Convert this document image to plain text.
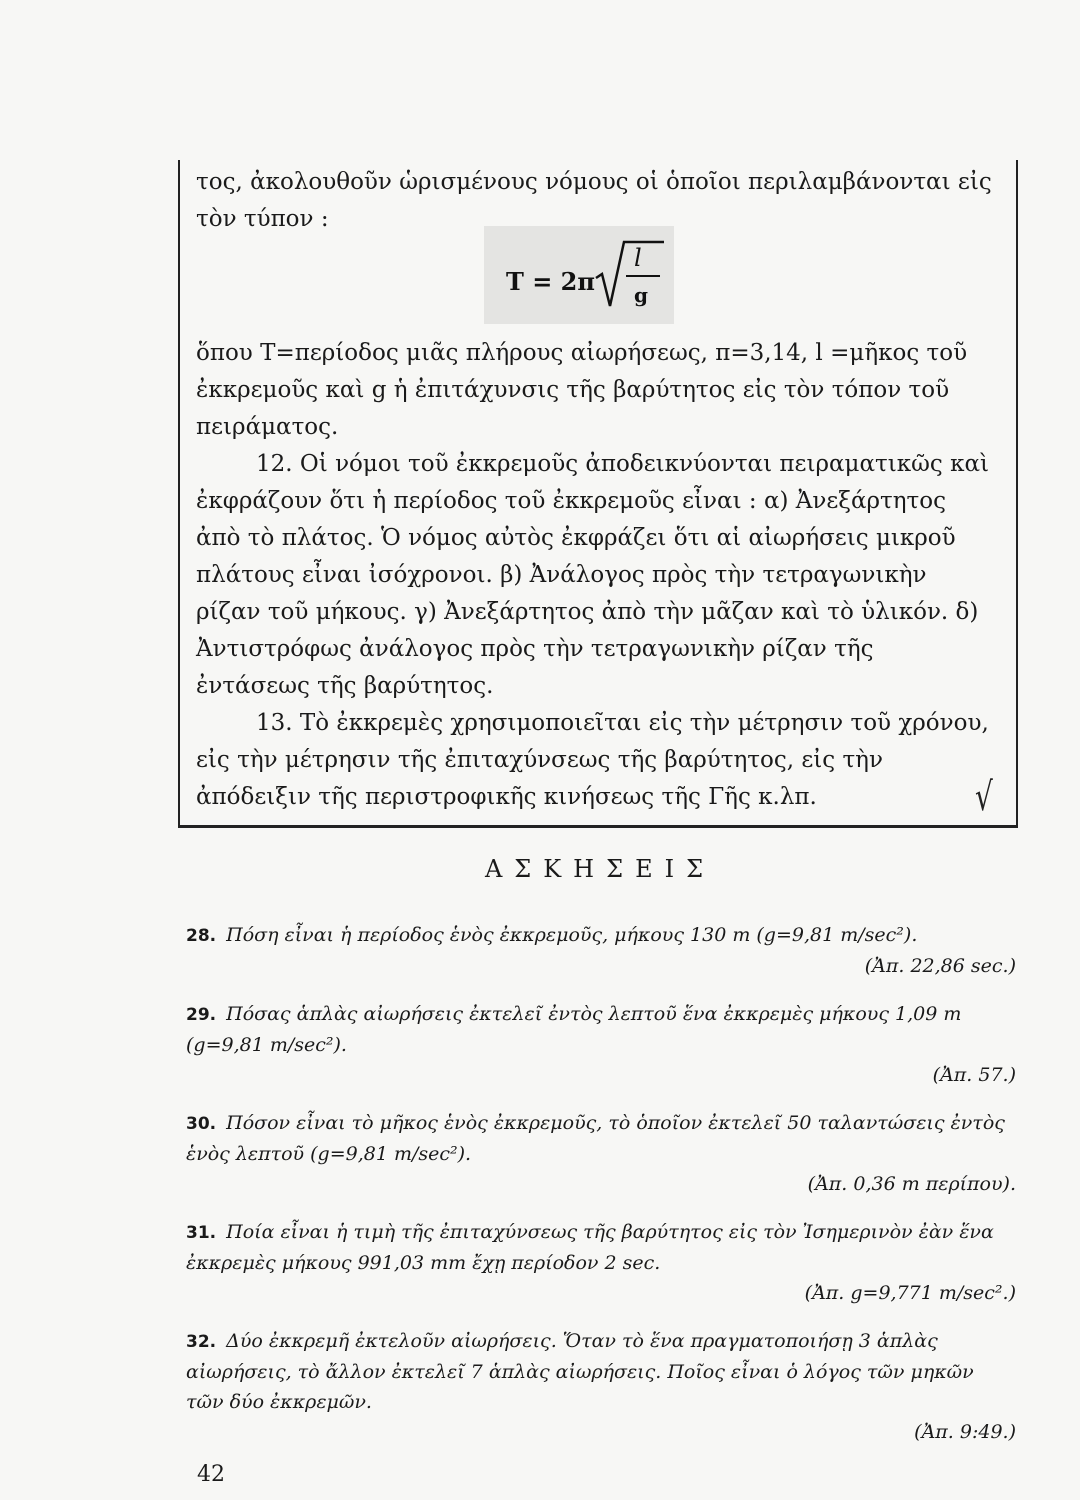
τος, ἀκολουθοῦν ὡρισμένους νόμους οἱ ὁποῖοι περιλαμβάνονται εἰς τὸν τύπον :
T = 2π
l
g
ὅπου T=περίοδος μιᾶς πλήρους αἰωρήσεως, π=3,14, l =μῆκος τοῦ ἐκκρεμοῦς καὶ g ἡ ἐπιτάχυνσις τῆς βαρύτητος εἰς τὸν τόπον τοῦ πειράματος.
12. Οἱ νόμοι τοῦ ἐκκρεμοῦς ἀποδεικνύονται πειραματικῶς καὶ ἐκφράζουν ὅτι ἡ περίοδος τοῦ ἐκκρεμοῦς εἶναι : α) Ἀνεξάρτητος ἀπὸ τὸ πλάτος. Ὁ νόμος αὐτὸς ἐκφράζει ὅτι αἱ αἰωρήσεις μικροῦ πλάτους εἶναι ἰσόχρονοι. β) Ἀνάλογος πρὸς τὴν τετραγωνικὴν ρίζαν τοῦ μήκους. γ) Ἀνεξάρτητος ἀπὸ τὴν μᾶζαν καὶ τὸ ὑλικόν. δ) Ἀντιστρόφως ἀνάλογος πρὸς τὴν τετραγωνικὴν ρίζαν τῆς ἐντάσεως τῆς βαρύτητος.
13. Τὸ ἐκκρεμὲς χρησιμοποιεῖται εἰς τὴν μέτρησιν τοῦ χρόνου, εἰς τὴν μέτρησιν τῆς ἐπιταχύνσεως τῆς βαρύτητος, εἰς τὴν ἀπόδειξιν τῆς περιστροφικῆς κινήσεως τῆς Γῆς κ.λπ.	√
ΑΣΚΗΣΕΙΣ
28. Πόση εἶναι ἡ περίοδος ἑνὸς ἐκκρεμοῦς, μήκους 130 m (g=9,81 m/sec²).
(Ἀπ. 22,86 sec.)
29. Πόσας ἁπλὰς αἰωρήσεις ἐκτελεῖ ἐντὸς λεπτοῦ ἕνα ἐκκρεμὲς μήκους 1,09 m (g=9,81 m/sec²).
(Ἀπ. 57.)
30. Πόσον εἶναι τὸ μῆκος ἑνὸς ἐκκρεμοῦς, τὸ ὁποῖον ἐκτελεῖ 50 ταλαντώσεις ἐντὸς ἑνὸς λεπτοῦ (g=9,81 m/sec²).
(Ἀπ. 0,36 m περίπου).
31. Ποία εἶναι ἡ τιμὴ τῆς ἐπιταχύνσεως τῆς βαρύτητος εἰς τὸν Ἰσημερινὸν ἐὰν ἕνα ἐκκρεμὲς μήκους 991,03 mm ἔχῃ περίοδον 2 sec.
(Ἀπ. g=9,771 m/sec².)
32. Δύο ἐκκρεμῆ ἐκτελοῦν αἰωρήσεις. Ὅταν τὸ ἕνα πραγματοποιήσῃ 3 ἁπλὰς αἰωρήσεις, τὸ ἄλλον ἐκτελεῖ 7 ἁπλὰς αἰωρήσεις. Ποῖος εἶναι ὁ λόγος τῶν μηκῶν τῶν δύο ἐκκρεμῶν.
(Ἀπ. 9:49.)
42
